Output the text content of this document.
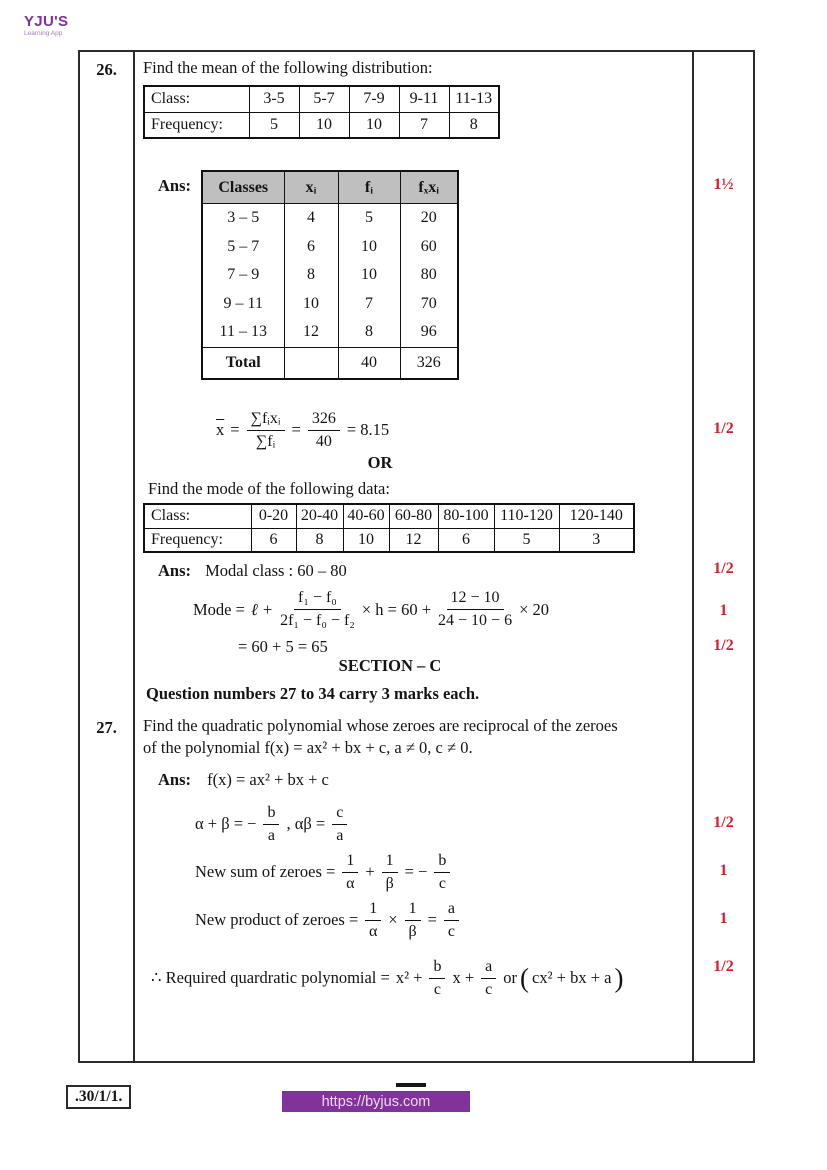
YJU'S
Learning App
26.	Find the mean of the following distribution:
Class:	3-5	5-7	7-9	9-11	11-13
Frequency:	5	10	10	7	8
Ans: Classes	xᵢ	fᵢ	fₓxᵢ
3 – 5	4	5	20
5 – 7	6	10	60
7 – 9	8	10	80
9 – 11	10	7	70
11 – 13	12	8	96
Total		40	326
$\overline{x} = \frac{\text{∑fᵢxᵢ}}{\text{∑fᵢ}} = \frac{326}{40} = 8.15$
OR
Find the mode of the following data:
Class:	0-20	20-40	40-60	60-80	80-100	110-120	120-140
Frequency:	6	8	10	12	6	5	3
Ans: Modal class : 60 – 80
Mode = ℓ + $\frac{\text{f₁ − f₀}}{\text{2f₁ − f₀ − f₂}} \times h = 60 + \frac{12 - 10}{24 - 10 - 6} \times 20$
= 60 + 5 = 65
SECTION – C
Question numbers 27 to 34 carry 3 marks each.
27.	Find the quadratic polynomial whose zeroes are reciprocal of the zeroes
of the polynomial f(x) = ax² + bx + c, a ≠ 0, c ≠ 0.
Ans: f(x) = ax² + bx + c
α + β = − $\frac{b}{a}$ , $\alpha\beta = \frac{c}{a}$
New sum of zeroes = $\frac{1}{\alpha} + \frac{1}{\beta}$ = − $\frac{b}{c}$
New product of zeroes = $\frac{1}{\alpha} \times \frac{1}{\beta} = \frac{a}{c}$
∴ Required quardratic polynomial = $x^2 + \frac{b}{c}$ $x + \frac{a}{c}$ or ( cx² + bx + a )
1½
1/2
1/2
1
1/2
1/2
1
1
1/2
.30/1/1.	https://byjus.com
